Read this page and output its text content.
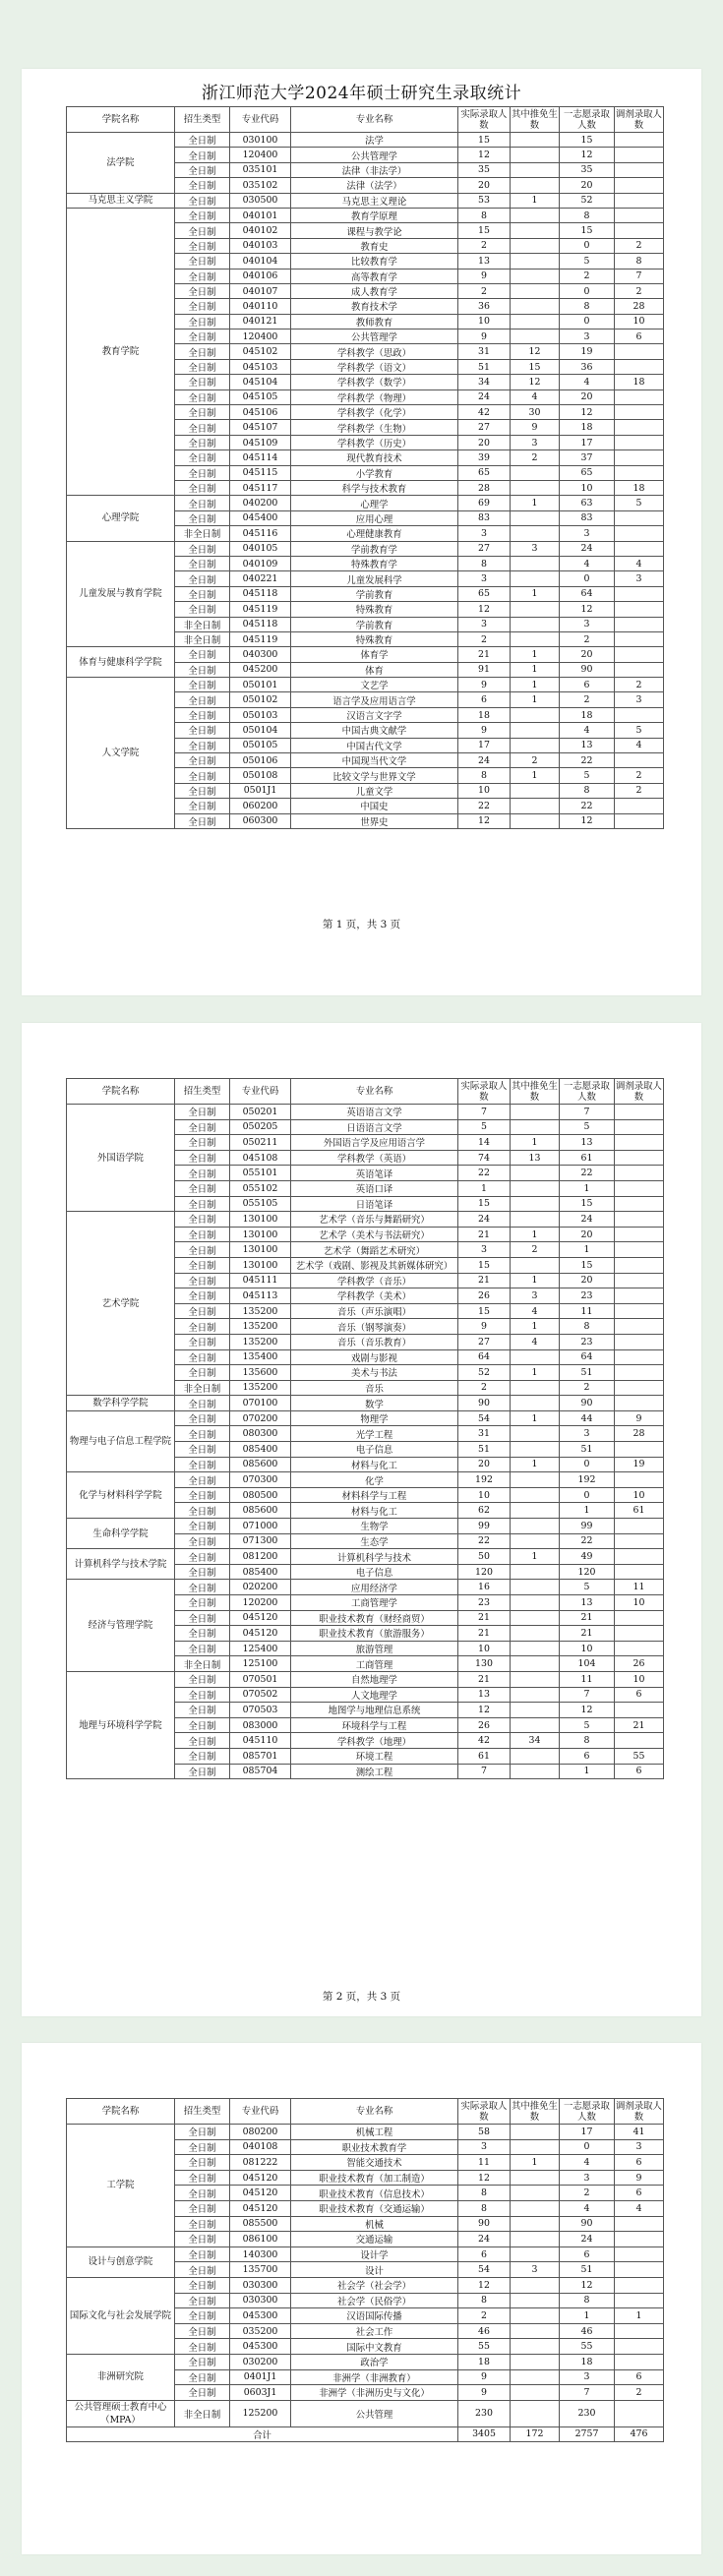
浙江师范大学2024年硕士研究生录取统计
学院名称	招生类型	专业代码	专业名称	实际录取人数	其中推免生数	一志愿录取人数	调剂录取人数
法学院	全日制	030100	法学	15		15	
	全日制	120400	公共管理学	12		12	
	全日制	035101	法律（非法学）	35		35	
	全日制	035102	法律（法学）	20		20	
马克思主义学院	全日制	030500	马克思主义理论	53	1	52	
教育学院	全日制	040101	教育学原理	8		8	
	全日制	040102	课程与教学论	15		15	
	全日制	040103	教育史	2		0	2
	全日制	040104	比较教育学	13		5	8
	全日制	040106	高等教育学	9		2	7
	全日制	040107	成人教育学	2		0	2
	全日制	040110	教育技术学	36		8	28
	全日制	040121	教师教育	10		0	10
	全日制	120400	公共管理学	9		3	6
	全日制	045102	学科教学（思政）	31	12	19	
	全日制	045103	学科教学（语文）	51	15	36	
	全日制	045104	学科教学（数学）	34	12	4	18
	全日制	045105	学科教学（物理）	24	4	20	
	全日制	045106	学科教学（化学）	42	30	12	
	全日制	045107	学科教学（生物）	27	9	18	
	全日制	045109	学科教学（历史）	20	3	17	
	全日制	045114	现代教育技术	39	2	37	
	全日制	045115	小学教育	65		65	
	全日制	045117	科学与技术教育	28		10	18
心理学院	全日制	040200	心理学	69	1	63	5
	全日制	045400	应用心理	83		83	
	非全日制	045116	心理健康教育	3		3	
儿童发展与教育学院	全日制	040105	学前教育学	27	3	24	
	全日制	040109	特殊教育学	8		4	4
	全日制	040221	儿童发展科学	3		0	3
	全日制	045118	学前教育	65	1	64	
	全日制	045119	特殊教育	12		12	
	非全日制	045118	学前教育	3		3	
	非全日制	045119	特殊教育	2		2	
体育与健康科学学院	全日制	040300	体育学	21	1	20	
	全日制	045200	体育	91	1	90	
人文学院	全日制	050101	文艺学	9	1	6	2
	全日制	050102	语言学及应用语言学	6	1	2	3
	全日制	050103	汉语言文字学	18		18	
	全日制	050104	中国古典文献学	9		4	5
	全日制	050105	中国古代文学	17		13	4
	全日制	050106	中国现当代文学	24	2	22	
	全日制	050108	比较文学与世界文学	8	1	5	2
	全日制	0501J1	儿童文学	10		8	2
	全日制	060200	中国史	22		22	
	全日制	060300	世界史	12		12	
第 1 页，共 3 页
学院名称	招生类型	专业代码	专业名称	实际录取人数	其中推免生数	一志愿录取人数	调剂录取人数
外国语学院	全日制	050201	英语语言文学	7		7	
	全日制	050205	日语语言文学	5		5	
	全日制	050211	外国语言学及应用语言学	14	1	13	
	全日制	045108	学科教学（英语）	74	13	61	
	全日制	055101	英语笔译	22		22	
	全日制	055102	英语口译	1		1	
	全日制	055105	日语笔译	15		15	
艺术学院	全日制	130100	艺术学（音乐与舞蹈研究）	24		24	
	全日制	130100	艺术学（美术与书法研究）	21	1	20	
	全日制	130100	艺术学（舞蹈艺术研究）	3	2	1	
	全日制	130100	艺术学（戏剧、影视及其新媒体研究）	15		15	
	全日制	045111	学科教学（音乐）	21	1	20	
	全日制	045113	学科教学（美术）	26	3	23	
	全日制	135200	音乐（声乐演唱）	15	4	11	
	全日制	135200	音乐（钢琴演奏）	9	1	8	
	全日制	135200	音乐（音乐教育）	27	4	23	
	全日制	135400	戏剧与影视	64		64	
	全日制	135600	美术与书法	52	1	51	
	非全日制	135200	音乐	2		2	
数学科学学院	全日制	070100	数学	90		90	
物理与电子信息工程学院	全日制	070200	物理学	54	1	44	9
	全日制	080300	光学工程	31		3	28
	全日制	085400	电子信息	51		51	
	全日制	085600	材料与化工	20	1	0	19
化学与材料科学学院	全日制	070300	化学	192		192	
	全日制	080500	材料科学与工程	10		0	10
	全日制	085600	材料与化工	62		1	61
生命科学学院	全日制	071000	生物学	99		99	
	全日制	071300	生态学	22		22	
计算机科学与技术学院	全日制	081200	计算机科学与技术	50	1	49	
	全日制	085400	电子信息	120		120	
经济与管理学院	全日制	020200	应用经济学	16		5	11
	全日制	120200	工商管理学	23		13	10
	全日制	045120	职业技术教育（财经商贸）	21		21	
	全日制	045120	职业技术教育（旅游服务）	21		21	
	全日制	125400	旅游管理	10		10	
	非全日制	125100	工商管理	130		104	26
地理与环境科学学院	全日制	070501	自然地理学	21		11	10
	全日制	070502	人文地理学	13		7	6
	全日制	070503	地图学与地理信息系统	12		12	
	全日制	083000	环境科学与工程	26		5	21
	全日制	045110	学科教学（地理）	42	34	8	
	全日制	085701	环境工程	61		6	55
	全日制	085704	测绘工程	7		1	6
第 2 页，共 3 页
学院名称	招生类型	专业代码	专业名称	实际录取人数	其中推免生数	一志愿录取人数	调剂录取人数
工学院	全日制	080200	机械工程	58		17	41
	全日制	040108	职业技术教育学	3		0	3
	全日制	081222	智能交通技术	11	1	4	6
	全日制	045120	职业技术教育（加工制造）	12		3	9
	全日制	045120	职业技术教育（信息技术）	8		2	6
	全日制	045120	职业技术教育（交通运输）	8		4	4
	全日制	085500	机械	90		90	
	全日制	086100	交通运输	24		24	
设计与创意学院	全日制	140300	设计学	6		6	
	全日制	135700	设计	54	3	51	
国际文化与社会发展学院	全日制	030300	社会学（社会学）	12		12	
	全日制	030300	社会学（民俗学）	8		8	
	全日制	045300	汉语国际传播	2		1	1
	全日制	035200	社会工作	46		46	
	全日制	045300	国际中文教育	55		55	
非洲研究院	全日制	030200	政治学	18		18	
	全日制	0401J1	非洲学（非洲教育）	9		3	6
	全日制	0603J1	非洲学（非洲历史与文化）	9		7	2
公共管理硕士教育中心（MPA）	非全日制	125200	公共管理	230		230	
合计				3405	172	2757	476
